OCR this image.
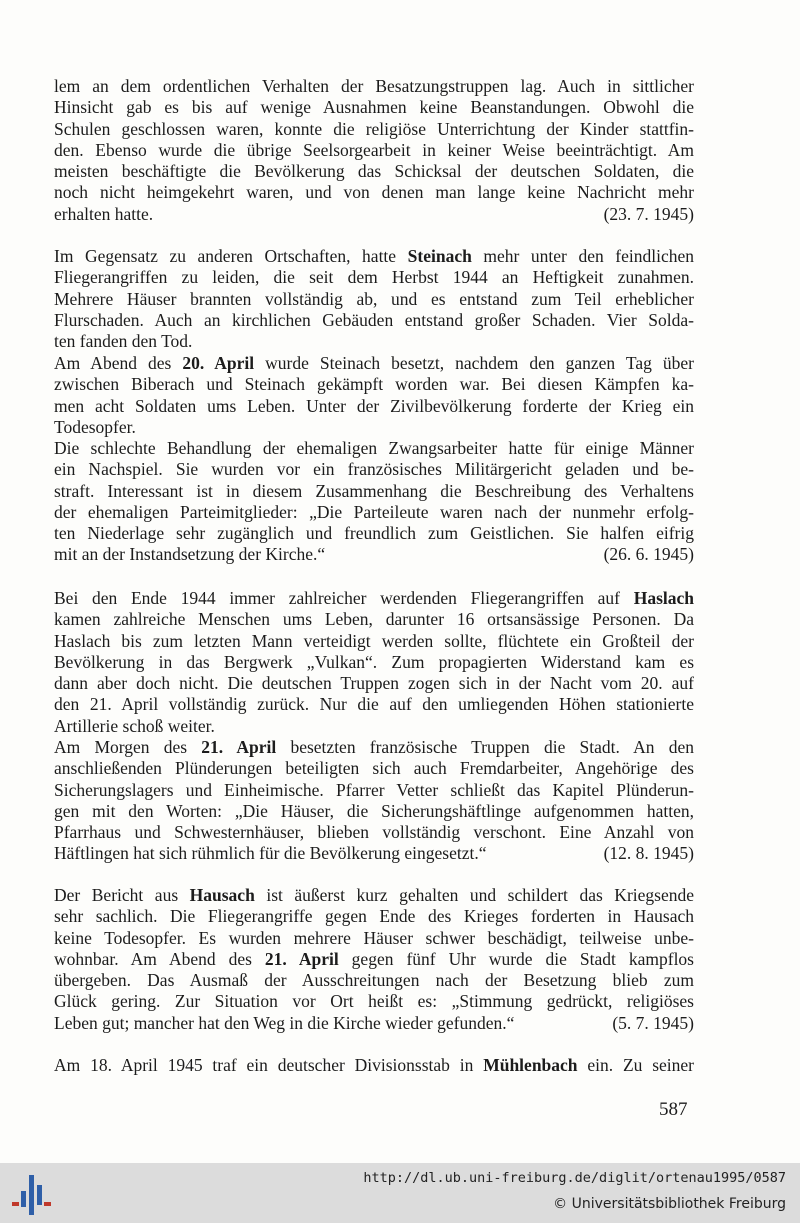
lem an dem ordentlichen Verhalten der Besatzungstruppen lag. Auch in sittlicher
Hinsicht gab es bis auf wenige Ausnahmen keine Beanstandungen. Obwohl die
Schulen geschlossen waren, konnte die religiöse Unterrichtung der Kinder stattfin-
den. Ebenso wurde die übrige Seelsorgearbeit in keiner Weise beeinträchtigt. Am
meisten beschäftigte die Bevölkerung das Schicksal der deutschen Soldaten, die
noch nicht heimgekehrt waren, und von denen man lange keine Nachricht mehr
erhalten hatte.	(23. 7. 1945)
Im Gegensatz zu anderen Ortschaften, hatte Steinach mehr unter den feindlichen
Fliegerangriffen zu leiden, die seit dem Herbst 1944 an Heftigkeit zunahmen.
Mehrere Häuser brannten vollständig ab, und es entstand zum Teil erheblicher
Flurschaden. Auch an kirchlichen Gebäuden entstand großer Schaden. Vier Solda-
ten fanden den Tod.
Am Abend des 20. April wurde Steinach besetzt, nachdem den ganzen Tag über
zwischen Biberach und Steinach gekämpft worden war. Bei diesen Kämpfen ka-
men acht Soldaten ums Leben. Unter der Zivilbevölkerung forderte der Krieg ein
Todesopfer.
Die schlechte Behandlung der ehemaligen Zwangsarbeiter hatte für einige Männer
ein Nachspiel. Sie wurden vor ein französisches Militärgericht geladen und be-
straft. Interessant ist in diesem Zusammenhang die Beschreibung des Verhaltens
der ehemaligen Parteimitglieder: „Die Parteileute waren nach der nunmehr erfolg-
ten Niederlage sehr zugänglich und freundlich zum Geistlichen. Sie halfen eifrig
mit an der Instandsetzung der Kirche.“	(26. 6. 1945)
Bei den Ende 1944 immer zahlreicher werdenden Fliegerangriffen auf Haslach
kamen zahlreiche Menschen ums Leben, darunter 16 ortsansässige Personen. Da
Haslach bis zum letzten Mann verteidigt werden sollte, flüchtete ein Großteil der
Bevölkerung in das Bergwerk „Vulkan“. Zum propagierten Widerstand kam es
dann aber doch nicht. Die deutschen Truppen zogen sich in der Nacht vom 20. auf
den 21. April vollständig zurück. Nur die auf den umliegenden Höhen stationierte
Artillerie schoß weiter.
Am Morgen des 21. April besetzten französische Truppen die Stadt. An den
anschließenden Plünderungen beteiligten sich auch Fremdarbeiter, Angehörige des
Sicherungslagers und Einheimische. Pfarrer Vetter schließt das Kapitel Plünderun-
gen mit den Worten: „Die Häuser, die Sicherungshäftlinge aufgenommen hatten,
Pfarrhaus und Schwesternhäuser, blieben vollständig verschont. Eine Anzahl von
Häftlingen hat sich rühmlich für die Bevölkerung eingesetzt.“	(12. 8. 1945)
Der Bericht aus Hausach ist äußerst kurz gehalten und schildert das Kriegsende
sehr sachlich. Die Fliegerangriffe gegen Ende des Krieges forderten in Hausach
keine Todesopfer. Es wurden mehrere Häuser schwer beschädigt, teilweise unbe-
wohnbar. Am Abend des 21. April gegen fünf Uhr wurde die Stadt kampflos
übergeben. Das Ausmaß der Ausschreitungen nach der Besetzung blieb zum
Glück gering. Zur Situation vor Ort heißt es: „Stimmung gedrückt, religiöses
Leben gut; mancher hat den Weg in die Kirche wieder gefunden.“	(5. 7. 1945)
Am 18. April 1945 traf ein deutscher Divisionsstab in Mühlenbach ein. Zu seiner
587
http://dl.ub.uni-freiburg.de/diglit/ortenau1995/0587
© Universitätsbibliothek Freiburg
